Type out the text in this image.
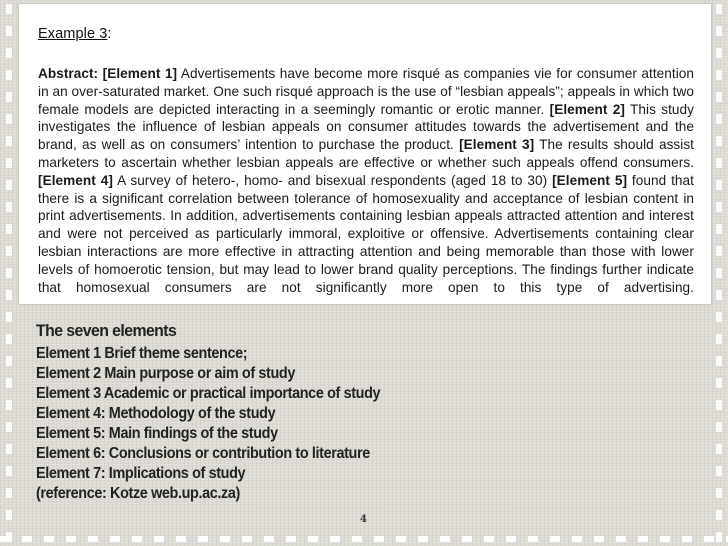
Example 3:
Abstract: [Element 1] Advertisements have become more risqué as companies vie for consumer attention in an over-saturated market. One such risqué approach is the use of “lesbian appeals”; appeals in which two female models are depicted interacting in a seemingly romantic or erotic manner. [Element 2] This study investigates the influence of lesbian appeals on consumer attitudes towards the advertisement and the brand, as well as on consumers’ intention to purchase the product. [Element 3] The results should assist marketers to ascertain whether lesbian appeals are effective or whether such appeals offend consumers. [Element 4] A survey of hetero-, homo- and bisexual respondents (aged 18 to 30) [Element 5] found that there is a significant correlation between tolerance of homosexuality and acceptance of lesbian content in print advertisements. In addition, advertisements containing lesbian appeals attracted attention and interest and were not perceived as particularly immoral, exploitive or offensive. Advertisements containing clear lesbian interactions are more effective in attracting attention and being memorable than those with lower levels of homoerotic tension, but may lead to lower brand quality perceptions. The findings further indicate that homosexual consumers are not significantly more open to this type of advertising.
The seven elements
Element 1 Brief theme sentence;
Element 2 Main purpose or aim of study
Element 3 Academic or practical importance of study
Element 4: Methodology of the study
Element 5: Main findings of the study
Element 6: Conclusions or contribution to literature
Element 7: Implications of study
(reference: Kotze web.up.ac.za)
4
